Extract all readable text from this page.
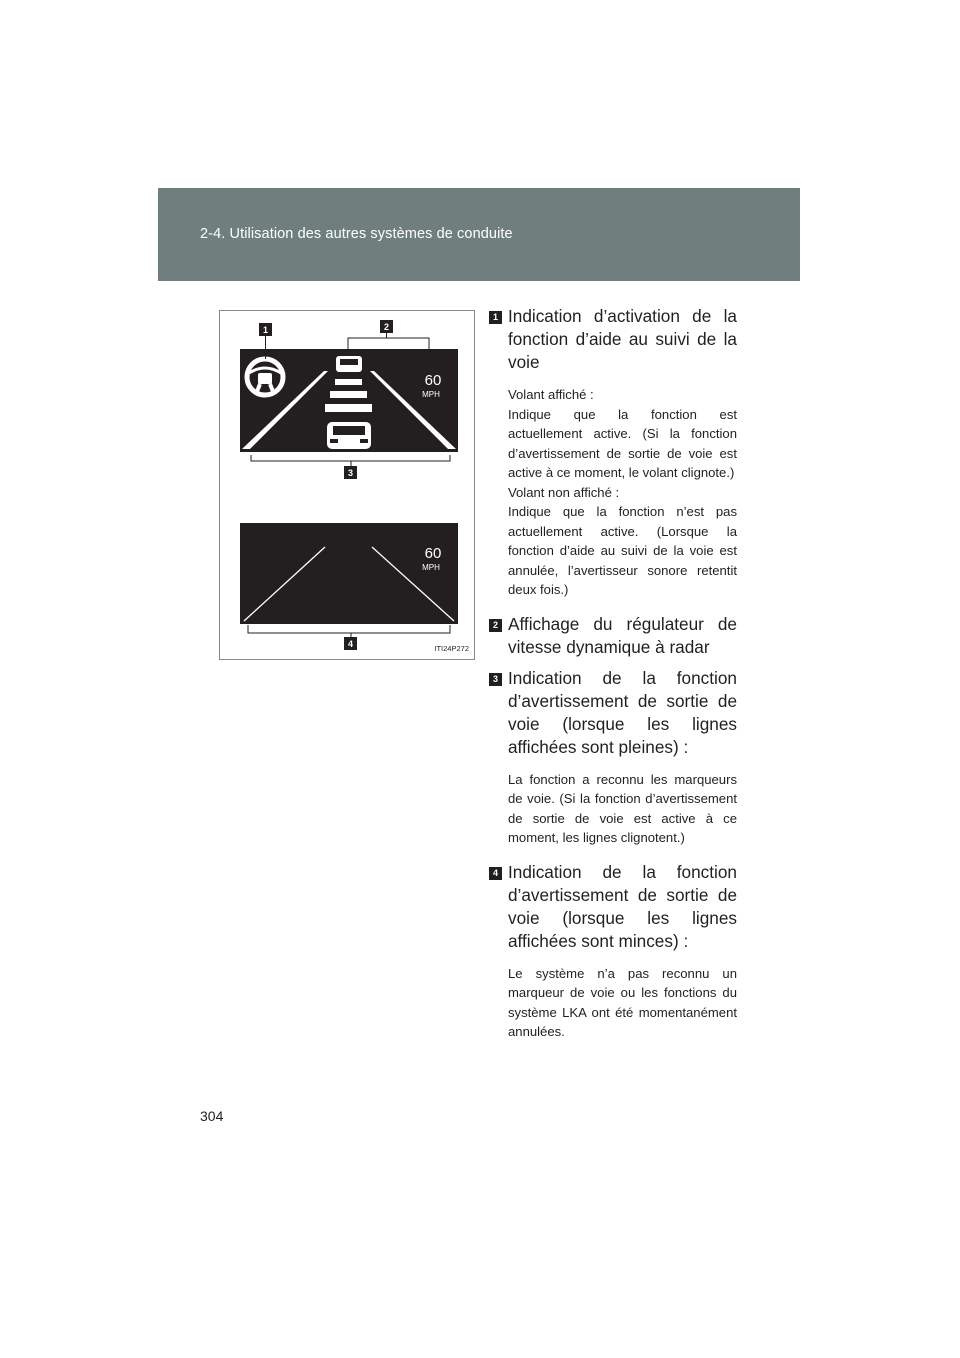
2-4. Utilisation des autres systèmes de conduite
60
MPH
60
MPH
1	2
3
4	ITI24P272
1 Indication d’activation de la fonction d’aide au suivi de la voie

Volant affiché :
Indique que la fonction est actuellement active. (Si la fonction d’avertissement de sortie de voie est active à ce moment, le volant clignote.)
Volant non affiché :
Indique que la fonction n’est pas actuellement active. (Lorsque la fonction d’aide au suivi de la voie est annulée, l’avertisseur sonore retentit deux fois.)

2 Affichage du régulateur de vitesse dynamique à radar

3 Indication de la fonction d’avertissement de sortie de voie (lorsque les lignes affichées sont pleines) :

La fonction a reconnu les marqueurs de voie. (Si la fonction d’avertissement de sortie de voie est active à ce moment, les lignes clignotent.)

4 Indication de la fonction d’avertissement de sortie de voie (lorsque les lignes affichées sont minces) :

Le système n’a pas reconnu un marqueur de voie ou les fonctions du système LKA ont été momentanément annulées.

304
